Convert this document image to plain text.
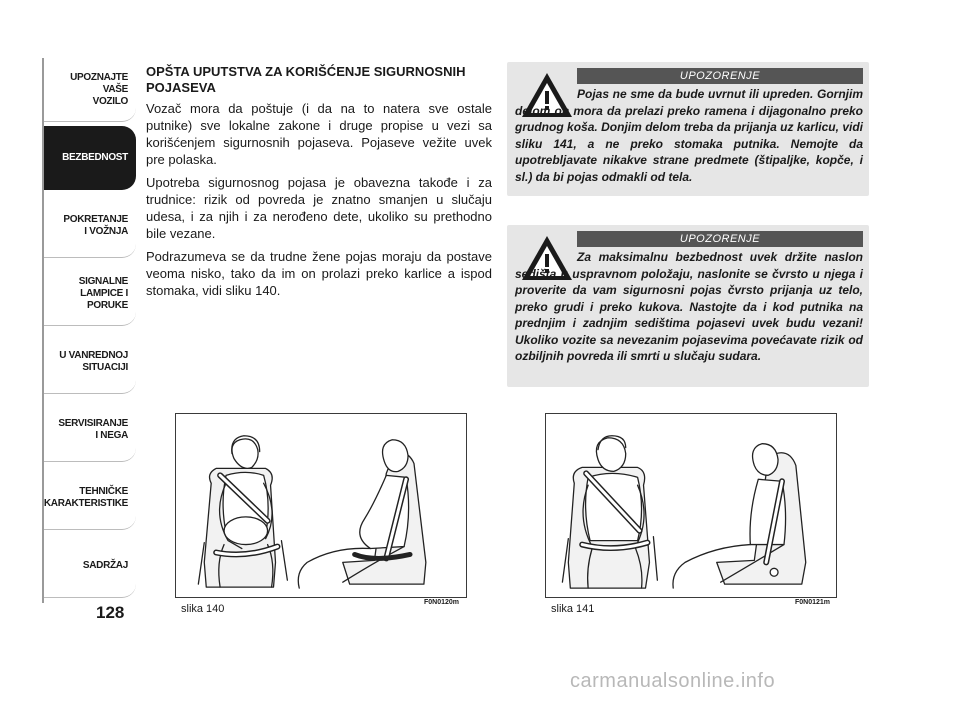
UPOZNAJTE
VAŠE
VOZILO
BEZBEDNOST
POKRETANJE
I VOŽNJA
SIGNALNE
LAMPICE I PORUKE
U VANREDNOJ
SITUACIJI
SERVISIRANJE
I NEGA
TEHNIČKE
KARAKTERISTIKE
SADRŽAJ
128
OPŠTA UPUTSTVA ZA KORIŠĆENJE SIGURNOSNIH POJASEVA

Vozač mora da poštuje (i da na to natera sve ostale putnike) sve lokalne zakone i druge propise u vezi sa korišćenjem sigurnosnih pojaseva. Pojaseve vežite uvek pre polaska.

Upotreba sigurnosnog pojasa je obavezna takođe i za trudnice: rizik od povreda je znatno smanjen u slučaju udesa, i za njih i za nerođeno dete, ukoliko su prethodno bile vezane.

Podrazumeva se da trudne žene pojas moraju da postave veoma nisko, tako da im on prolazi preko karlice a ispod stomaka, vidi sliku 140.

UPOZORENJE
Pojas ne sme da bude uvrnut ili upreden. Gornjim delom on mora da prelazi preko ramena i dijagonalno preko grudnog koša. Donjim delom treba da prijanja uz karlicu, vidi sliku 141, a ne preko stomaka putnika. Nemojte da upotrebljavate nikakve strane predmete (štipaljke, kopče, i sl.) da bi pojas odmakli od tela.
UPOZORENJE
Za maksimalnu bezbednost uvek držite naslon sedišta u uspravnom položaju, naslonite se čvrsto u njega i proverite da vam sigurnosni pojas čvrsto prijanja uz telo, preko grudi i preko kukova. Nastojte da i kod putnika na prednjim i zadnjim sedištima pojasevi uvek budu vezani! Ukoliko vozite sa nevezanim pojasevima povećavate rizik od ozbiljnih povreda ili smrti u slučaju sudara.
slika 140
F0N0120m
slika 141
F0N0121m
carmanualsonline.info
